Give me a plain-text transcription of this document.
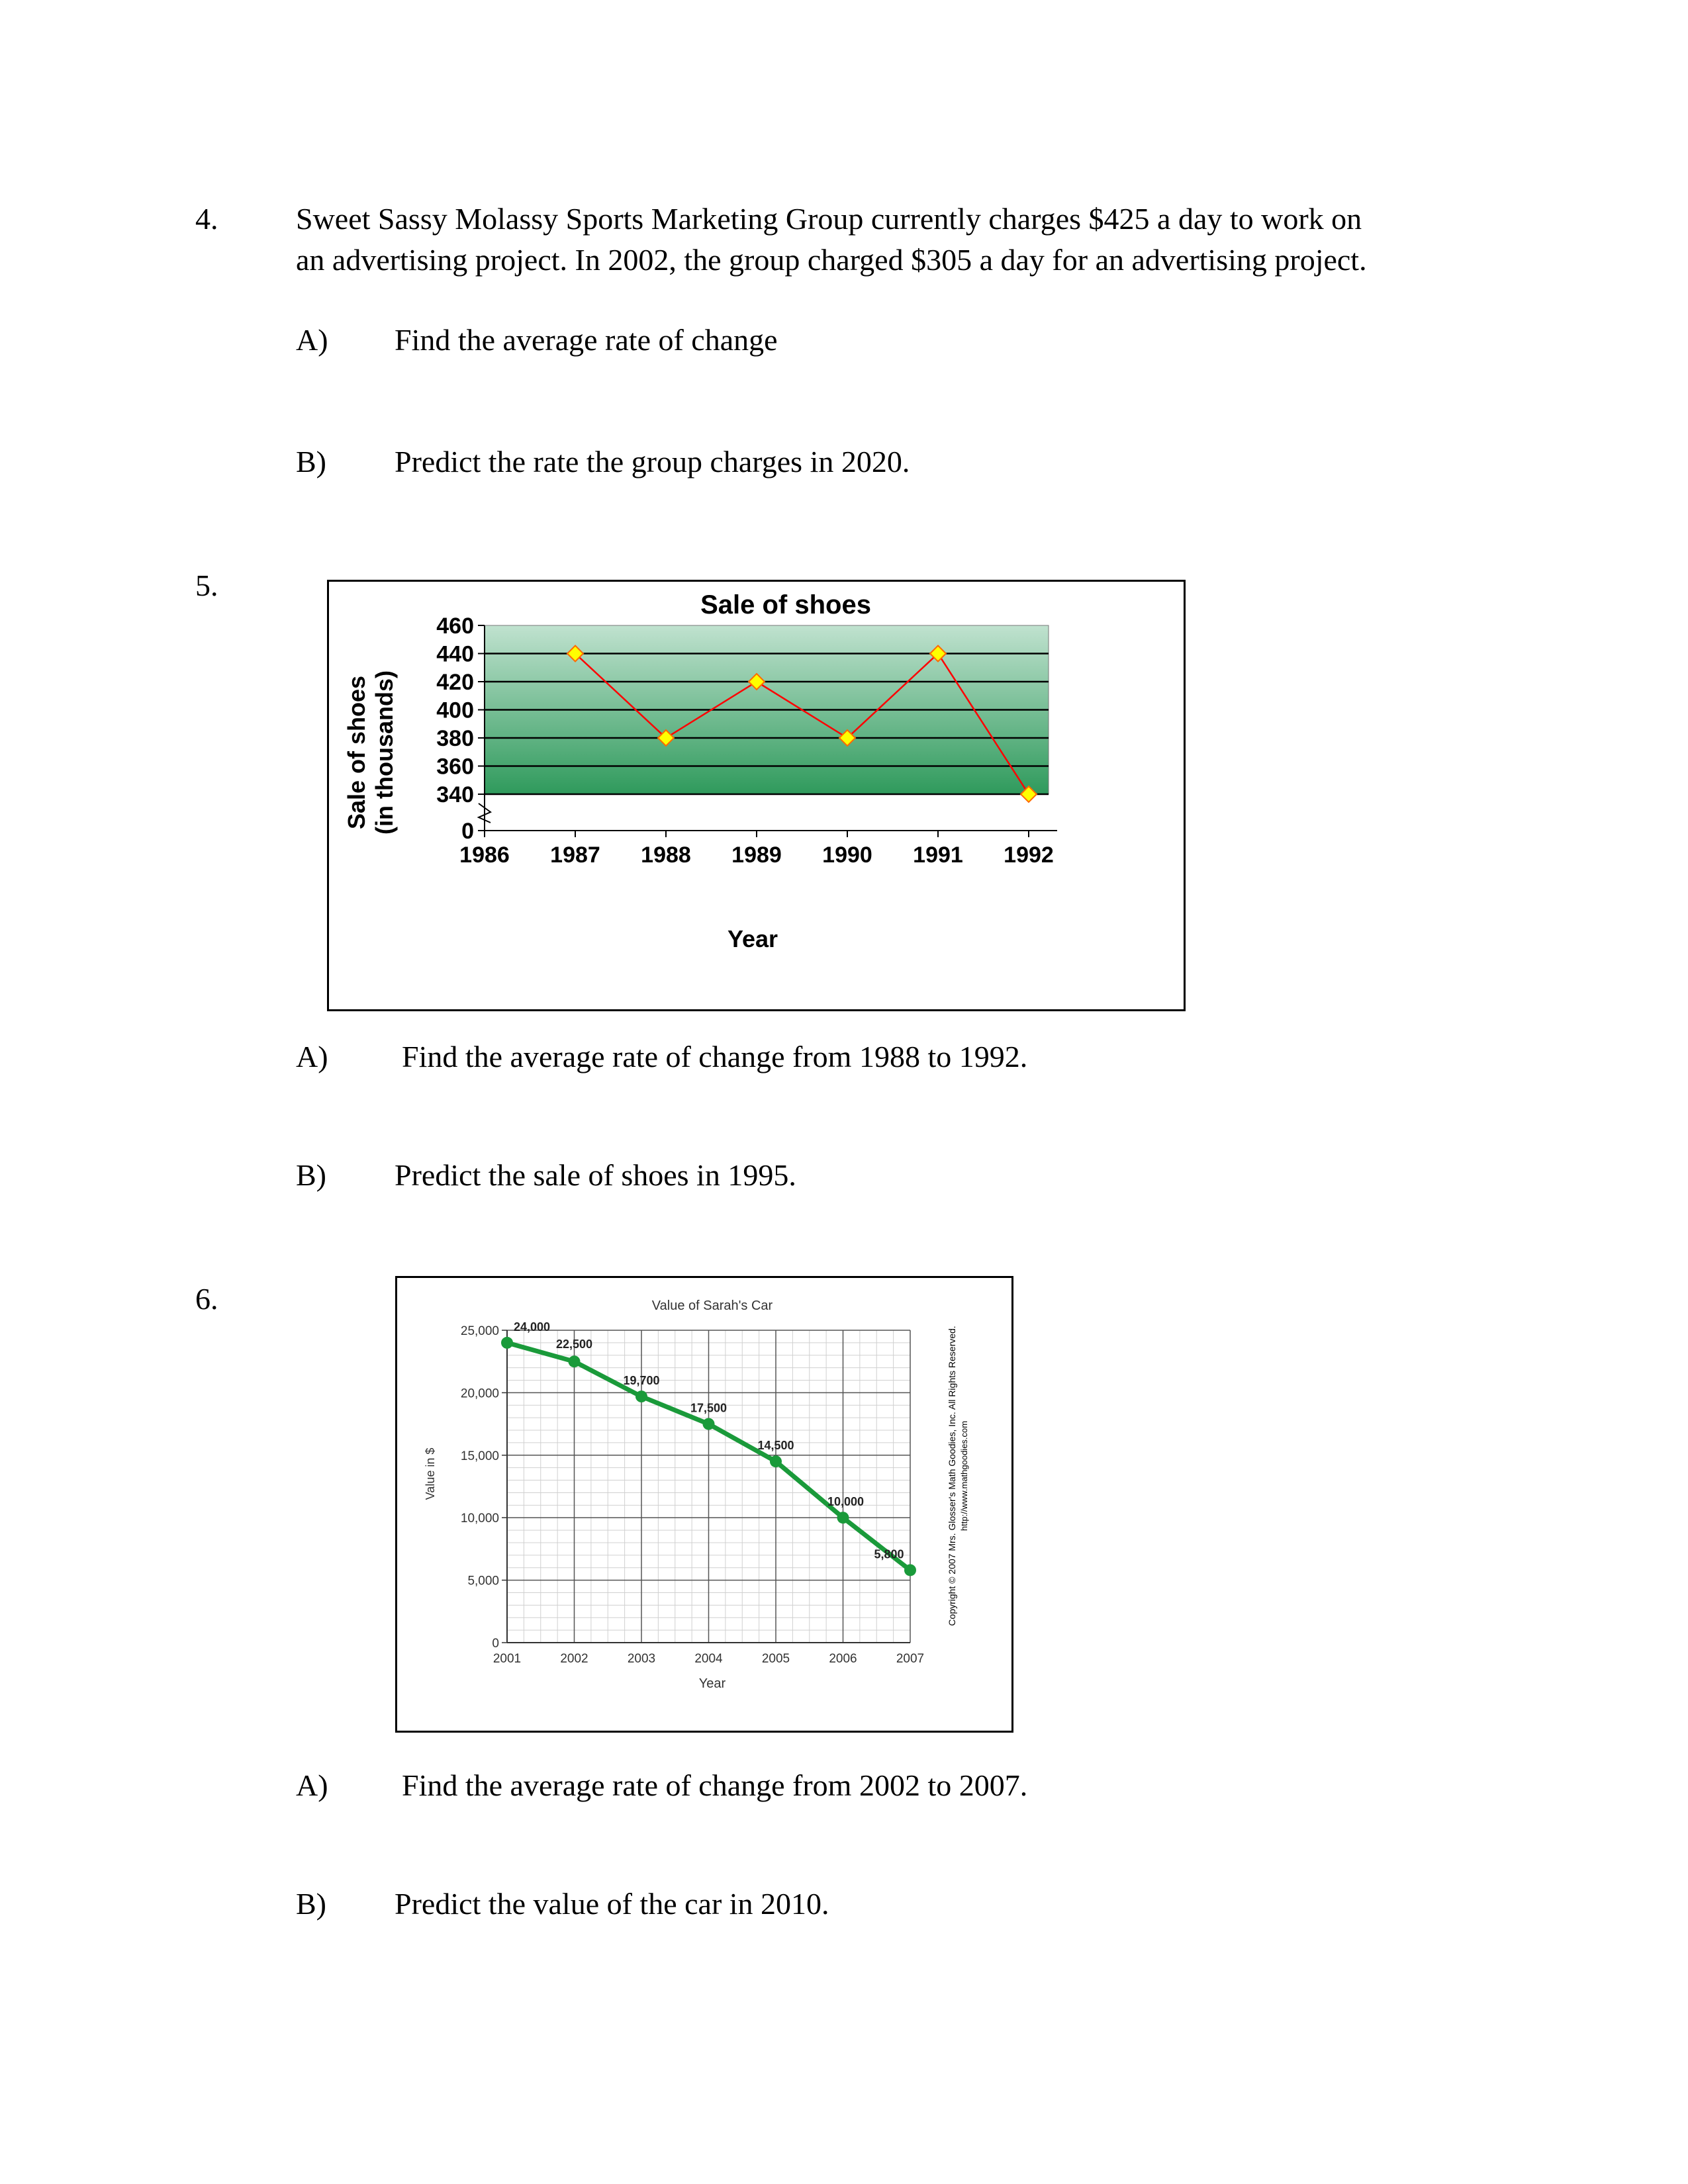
4.	Sweet Sassy Molassy Sports Marketing Group currently charges $425 a day to work on
an advertising project. In 2002, the group charged $305 a day for an advertising project.
A) Find the average rate of change
B) Predict the rate the group charges in 2020.
5.
0
340
360
380
400
420
440
460
1986 1987 1988 1989 1990 1991 1992
Sale of shoes
Year
Sale of shoes (in thousands)
A) Find the average rate of change from 1988 to 1992.
B) Predict the sale of shoes in 1995.
6.
0
5,000
10,000
15,000
20,000
25,000
2001	2002	2003	2004	2005	2006	2007
24,000
22,500
19,700
17,500
14,500
10,000
5,800
Value of Sarah's Car
Year
Value in $	Copyright © 2007 Mrs. Glosser's Math Goodies, Inc. All Rights Reserved. http://www.mathgoodies.com
A) Find the average rate of change from 2002 to 2007.
B) Predict the value of the car in 2010.
